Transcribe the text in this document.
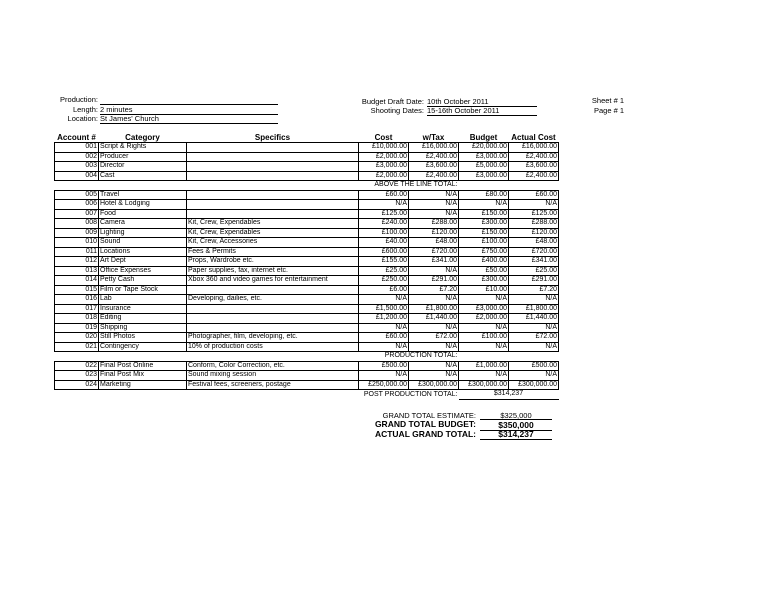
Production:
Length: 2 minutes
Location: St James' Church
Budget Draft Date: 10th October 2011
Shooting Dates: 15-16th October 2011
Sheet # 1
Page # 1
Account #	Category	Specifics	Cost	w/Tax	Budget	Actual Cost
001	Script & Rights		£10,000.00	£16,000.00	£20,000.00	£16,000.00
002	Producer		£2,000.00	£2,400.00	£3,000.00	£2,400.00
003	Director		£3,000.00	£3,600.00	£5,000.00	£3,600.00
004	Cast		£2,000.00	£2,400.00	£3,000.00	£2,400.00
			ABOVE THE LINE TOTAL:			
005	Travel		£60.00	N/A	£80.00	£60.00
006	Hotel & Lodging		N/A	N/A	N/A	N/A
007	Food		£125.00	N/A	£150.00	£125.00
008	Camera	Kit, Crew, Expendables	£240.00	£288.00	£300.00	£288.00
009	Lighting	Kit, Crew, Expendables	£100.00	£120.00	£150.00	£120.00
010	Sound	Kit, Crew, Accessories	£40.00	£48.00	£100.00	£48.00
011	Locations	Fees & Permits	£600.00	£720.00	£750.00	£720.00
012	Art Dept	Props, Wardrobe etc.	£155.00	£341.00	£400.00	£341.00
013	Office Expenses	Paper supplies, fax, internet etc.	£25.00	N/A	£50.00	£25.00
014	Petty Cash	Xbox 360 and video games for entertainment	£250.00	£291.00	£300.00	£291.00
015	Film or Tape Stock		£6.00	£7.20	£10.00	£7.20
016	Lab	Developing, dailies, etc.	N/A	N/A	N/A	N/A
017	Insurance		£1,500.00	£1,800.00	£3,000.00	£1,800.00
018	Editing		£1,200.00	£1,440.00	£2,000.00	£1,440.00
019	Shipping		N/A	N/A	N/A	N/A
020	Still Photos	Photographer, film, developing, etc.	£60.00	£72.00	£100.00	£72.00
021	Contingency	10% of production costs	N/A	N/A	N/A	N/A
			PRODUCTION TOTAL:			
022	Final Post Online	Conform, Color Correction, etc.	£500.00	N/A	£1,000.00	£500.00
023	Final Post Mix	Sound mixing session	N/A	N/A	N/A	N/A
024	Marketing	Festival fees, screeners, postage	£250,000.00	£300,000.00	£300,000.00	£300,000.00
			POST PRODUCTION TOTAL:		$314,237	
GRAND TOTAL ESTIMATE:	$325,000
GRAND TOTAL BUDGET:	$350,000
ACTUAL GRAND TOTAL:	$314,237
